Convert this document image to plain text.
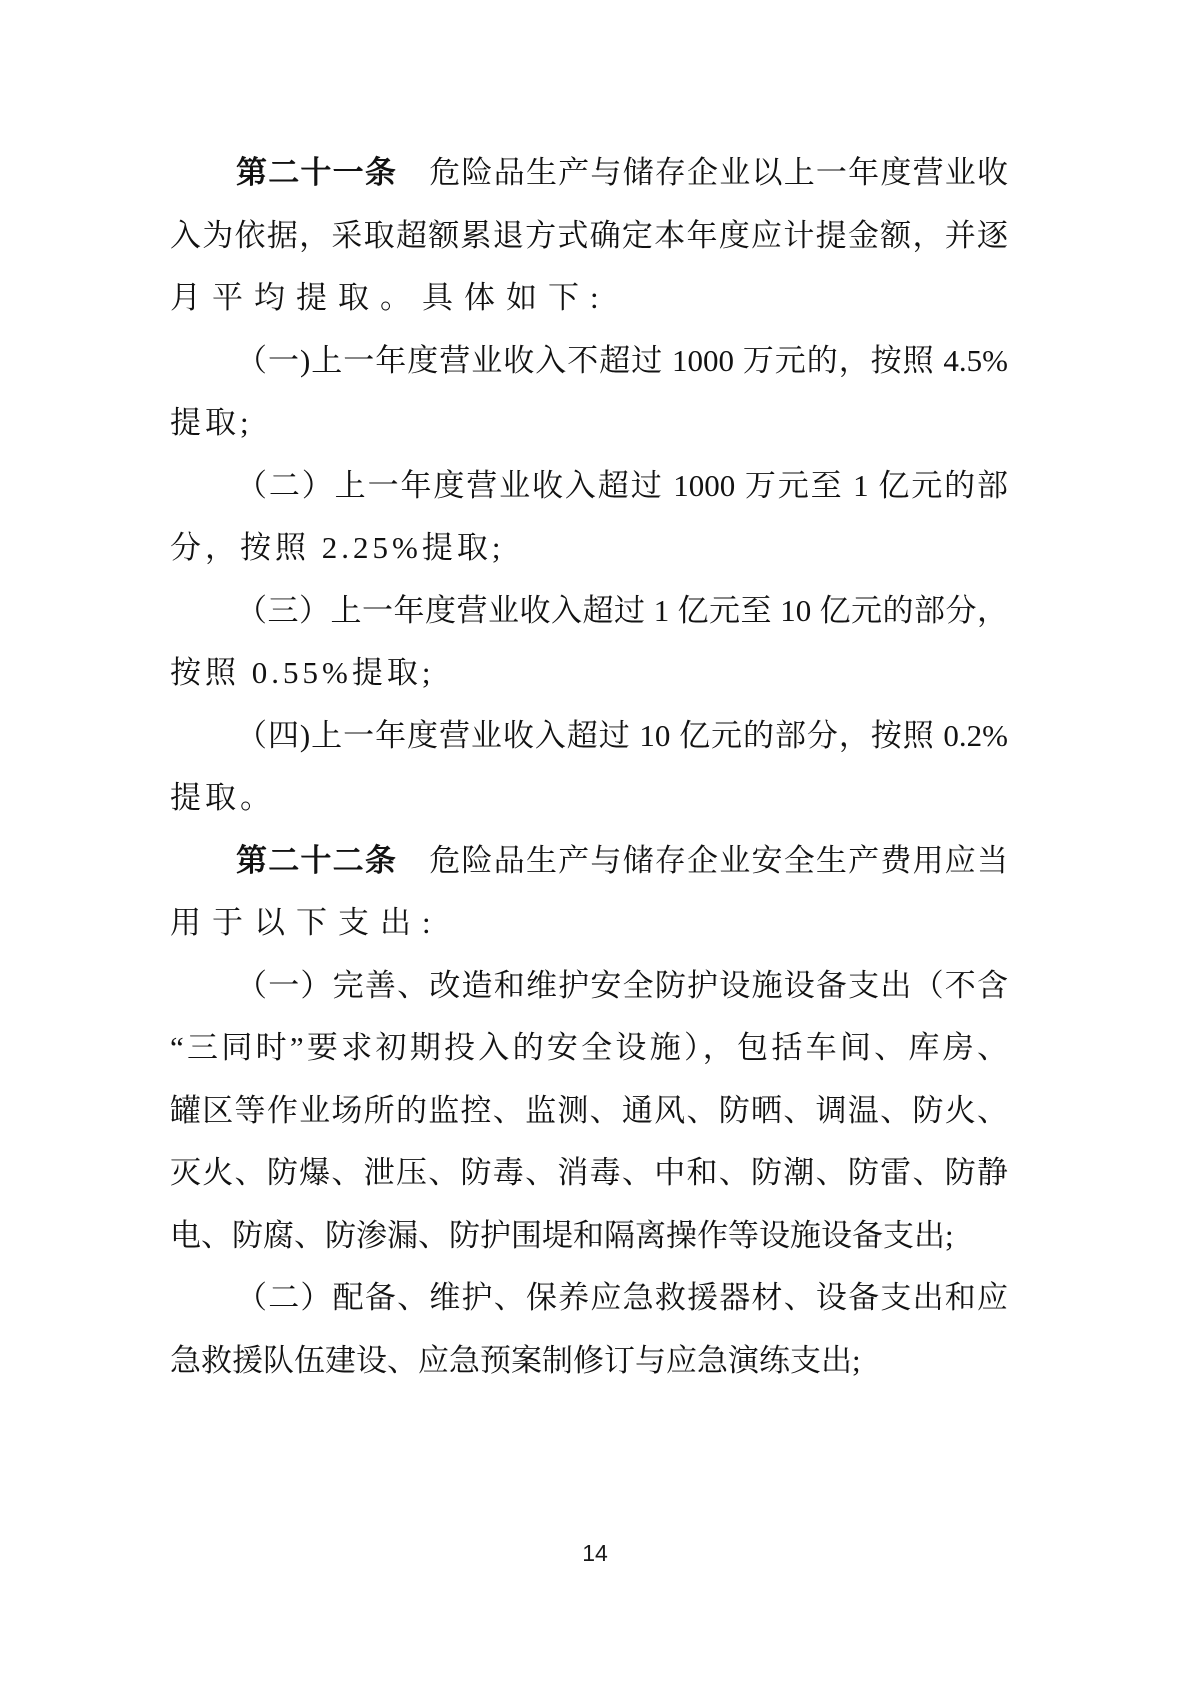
第二十一条　危险品生产与储存企业以上一年度营业收
入为依据，采取超额累退方式确定本年度应计提金额，并逐
月平均提取。具体如下:
（一)上一年度营业收入不超过 1000 万元的，按照 4.5%
提取;
（二）上一年度营业收入超过 1000 万元至 1 亿元的部
分，按照 2.25%提取;
（三）上一年度营业收入超过 1 亿元至 10 亿元的部分，
按照 0.55%提取;
（四)上一年度营业收入超过 10 亿元的部分，按照 0.2%
提取。
第二十二条　危险品生产与储存企业安全生产费用应当
用于以下支出:
（一）完善、改造和维护安全防护设施设备支出（不含
“三同时”要求初期投入的安全设施），包括车间、库房、
罐区等作业场所的监控、监测、通风、防晒、调温、防火、
灭火、防爆、泄压、防毒、消毒、中和、防潮、防雷、防静
电、防腐、防渗漏、防护围堤和隔离操作等设施设备支出;
（二）配备、维护、保养应急救援器材、设备支出和应
急救援队伍建设、应急预案制修订与应急演练支出;
14
